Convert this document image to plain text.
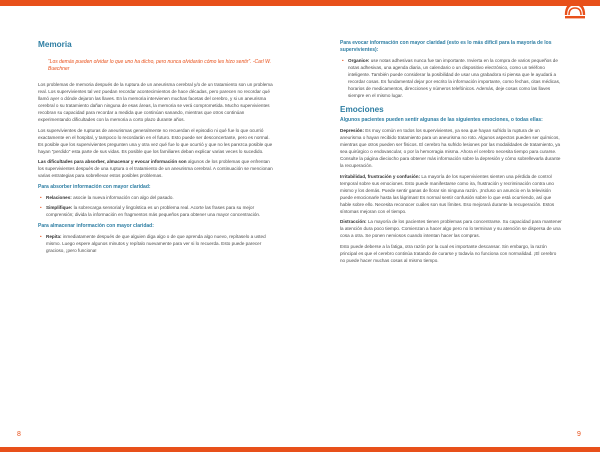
Memoria
“Los demás pueden olvidar lo que uno ha dicho, pero nunca olvidarán cómo les hizo sentir”. -Carl W. Buechner

Los problemas de memoria después de la ruptura de un aneurisma cerebral y/o de un tratamiento son un problema real. Los supervivientes tal vez puedan recordar acontecimientos de hace décadas, pero parecen no recordar qué llamó ayer o dónde dejaron las llaves. En la memoria intervienen muchas facetas del cerebro, y si un aneurisma cerebral o su tratamiento dañan ninguna de esas áreas, la memoria se verá comprometida. Mucho supervivientes recobran su capacidad para recordar a medida que continúan sanando, mientras que otros continúan experimentando dificultades con la memoria a corto plazo durante años.

Los supervivientes de rupturas de aneurismas generalmente no recuerdan el episodio ni qué fue lo que ocurrió exactamente en el hospital, y tampoco lo recordarán en el futuro. Esto puede ser desconcertante, pero es normal. Es posible que los supervivientes pregunten una y otra vez qué fue lo que ocurrió y que no les parezca posible que hayan "perdido" esta parte de sus vidas. Es posible que los familiares deban explicar varias veces lo sucedido.

Las dificultades para absorber, almacenar y evocar información son algunos de los problemas que enfrentan los supervivientes después de una ruptura o el tratamiento de un aneurisma cerebral. A continuación se mencionan varias estrategias para sobrellevar estos posibles problemas.

Para absorber información con mayor claridad:
• Relaciones: asocie la nueva información con algo del pasado.
• Simplifique: la sobrecarga sensorial y lingüística es un problema real. Acorte las frases para su mejor comprensión; divida la información en fragmentos más pequeños para obtener una mayor concentración.
Para almacenar información con mayor claridad:
• Repita: inmediatamente después de que alguien diga algo o de que aprenda algo nuevo, repítaselo a usted mismo. Luego espere algunos minutos y repítalo nuevamente para ver si lo recuerda. Esto puede parecer gracioso, ¡pero funciona!
Para evocar información con mayor claridad (esto es lo más difícil para la mayoría de los supervivientes):
• Organice: use notas adhesivas nunca fue tan importante. Invierta en la compra de varios pequeños de notas adhesivas, una agenda diaria, un calendario o un dispositivo electrónico, como un teléfono inteligente. También puede considerar la posibilidad de usar una grabadora si piensa que le ayudará a recordar cosas. Es fundamental dejar por escrito la información importante, como fechas, citas médicas, horarios de medicamentos, direcciones y números telefónicos. Además, deje cosas como las llaves siempre en el mismo lugar.
Emociones
Algunos pacientes pueden sentir algunas de las siguientes emociones, o todas ellas:

Depresión: Es muy común en todos los supervivientes, ya sea que hayan sufrido la ruptura de un aneurisma o hayan recibido tratamiento para un aneurisma no roto. Algunos aspectos pueden ser químicos, mientras que otros pueden ser físicos. El cerebro ha sufrido lesiones por las modalidades de tratamiento, ya sea quirúrgico o endovascular, o por la hemorragia misma. Ahora el cerebro necesita tiempo para curarse. Consulte la página dieciocho para obtener más información sobre la depresión y cómo sobrellevarla durante la recuperación.

Irritabilidad, frustración y confusión: La mayoría de los supervivientes sienten una pérdida de control temporal sobre sus emociones. Esto puede manifestarse como ira, frustración y recriminación contra uno mismo y los demás. Puede sentir ganas de llorar sin ninguna razón. ¡Incluso un anuncio en la televisión puede emocionarle hasta las lágrimas! Es normal sentir confusión sobre lo que está ocurriendo, así que hable sobre ello. Necesita reconocer cuáles son sus límites. Eso mejorará durante la recuperación. Estos síntomas mejoran con el tiempo.

Distracción: La mayoría de los pacientes tienen problemas para concentrarse. Su capacidad para mantener la atención dura poco tiempo. Comienzan a hacer algo pero no lo terminan y su atención se dispersa de una cosa a otra. Se ponen nerviosos cuando intentan hacer las compras.

Esto puede deberse a la fatiga, otra razón por la cual es importante descansar. Sin embargo, la razón principal es que el cerebro continúa tratando de curarse y todavía no funciona con normalidad. ¡El cerebro no puede hacer muchas cosas al mismo tiempo.

8	9
